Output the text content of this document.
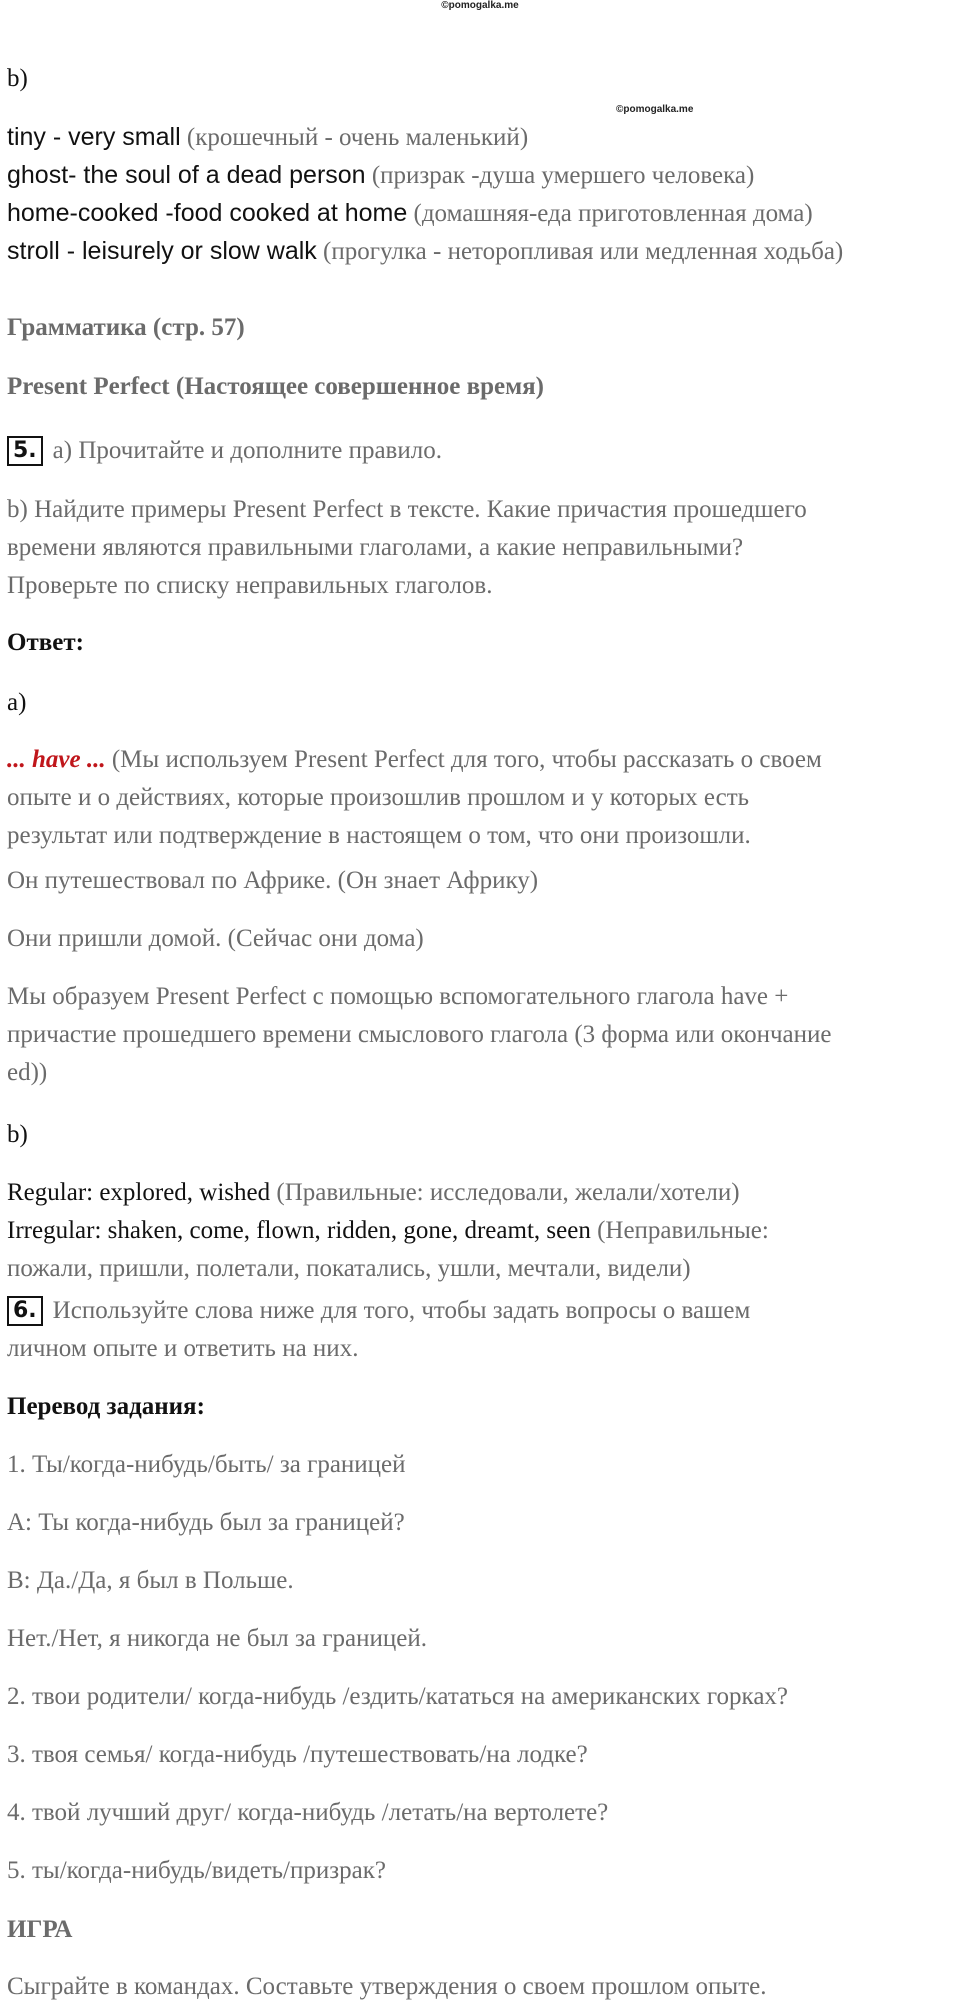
©pomogalka.me
©pomogalka.me
b)
tiny - very small (крошечный - очень маленький)
ghost- the soul of a dead person (призрак -душа умершего человека)
home-cooked -food cooked at home (домашняя-еда приготовленная дома)
stroll - leisurely or slow walk (прогулка - неторопливая или медленная ходьба)
Грамматика (стр. 57)
Present Perfect (Настоящее совершенное время)
5. a) Прочитайте и дополните правило.
b) Найдите примеры Present Perfect в тексте. Какие причастия прошедшего
времени являются правильными глаголами, а какие неправильными?
Проверьте по списку неправильных глаголов.
Ответ:
a)
... have ... (Мы используем Present Perfect для того, чтобы рассказать о своем
опыте и о действиях, которые произошлив прошлом и у которых есть
результат или подтверждение в настоящем о том, что они произошли.
Он путешествовал по Африке. (Он знает Африку)
Они пришли домой. (Сейчас они дома)
Мы образуем Present Perfect с помощью вспомогательного глагола have +
причастие прошедшего времени смыслового глагола (3 форма или окончание
ed))
b)
Regular: explored, wished (Правильные: исследовали, желали/хотели)
Irregular: shaken, come, flown, ridden, gone, dreamt, seen (Неправильные:
пожали, пришли, полетали, покатались, ушли, мечтали, видели)
6. Используйте слова ниже для того, чтобы задать вопросы о вашем
личном опыте и ответить на них.
Перевод задания:
1. Ты/когда-нибудь/быть/ за границей
A: Ты когда-нибудь был за границей?
B: Да./Да, я был в Польше.
Нет./Нет, я никогда не был за границей.
2. твои родители/ когда-нибудь /ездить/кататься на американских горках?
3. твоя семья/ когда-нибудь /путешествовать/на лодке?
4. твой лучший друг/ когда-нибудь /летать/на вертолете?
5. ты/когда-нибудь/видеть/призрак?
ИГРА
Сыграйте в командах. Составьте утверждения о своем прошлом опыте.
